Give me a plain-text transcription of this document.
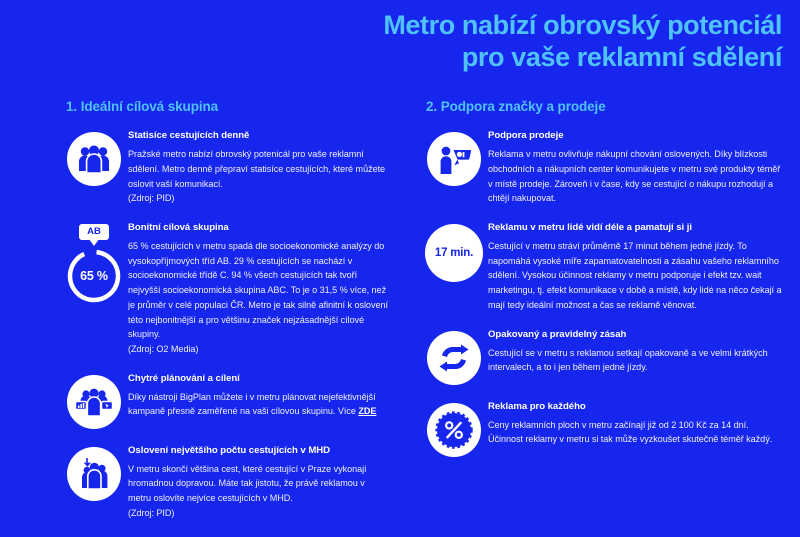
Metro nabízí obrovský potenciál
pro vaše reklamní sdělení
1. Ideální cílová skupina

Statisíce cestujících denně

Pražské metro nabízí obrovský potenicál pro vaše reklamní sdělení. Metro denně přepraví statisíce cestujících, které můžete oslovit vaší komunikací.
(Zdroj: PID)

AB
65 %

Bonitní cílová skupina

65 % cestujících v metru spadá dle socioekonomické analýzy do vysokopříjmových tříd AB. 29 % cestujících se nachází v socioekonomické třídě C. 94 % všech cestujících tak tvoří nejvyšší socioekonomická skupina ABC. To je o 31,5 % více, než je průměr v celé populaci ČR. Metro je tak silně afinitní k oslovení této nejbonitnější a pro většinu značek nejzásadnější cílové skupiny.
(Zdroj: O2 Media)

Chytré plánování a cílení

Díky nástroji BigPlan můžete i v metru plánovat nejefektivnější kampaně přesně zaměřené na vaši cílovou skupinu. Více ZDE

Oslovení největšího počtu cestujících v MHD

V metru skončí většina cest, které cestující v Praze vykonají hromadnou dopravou. Máte tak jistotu, že právě reklamou v metru oslovíte nejvíce cestujících v MHD.
(Zdroj: PID)

2. Podpora značky a prodeje

Podpora prodeje

Reklama v metru ovlivňuje nákupní chování oslovených. Díky blízkosti obchodních a nákupních center komunikujete v metru své produkty téměř v místě prodeje. Zároveň i v čase, kdy se cestující o nákupu rozhodují a chtějí nakupovat.

17 min.

Reklamu v metru lidé vidí déle a pamatují si ji

Cestující v metru stráví průměrně 17 minut během jedné jízdy. To napomáhá vysoké míře zapamatovatelnosti a zásahu vašeho reklamního sdělení. Vysokou účinnost reklamy v metru podporuje i efekt tzv. wait marketingu, tj. efekt komunikace v době a místě, kdy lidé na něco čekají a mají tedy ideální možnost a čas se reklamě věnovat.

Opakovaný a pravidelný zásah

Cestující se v metru s reklamou setkají opakovaně a ve velmi krátkých intervalech, a to i jen během jedné jízdy.

Reklama pro každého

Ceny reklamních ploch v metru začínají již od 2 100 Kč za 14 dní. Účinnost reklamy v metru si tak může vyzkoušet skutečně téměř každý.
